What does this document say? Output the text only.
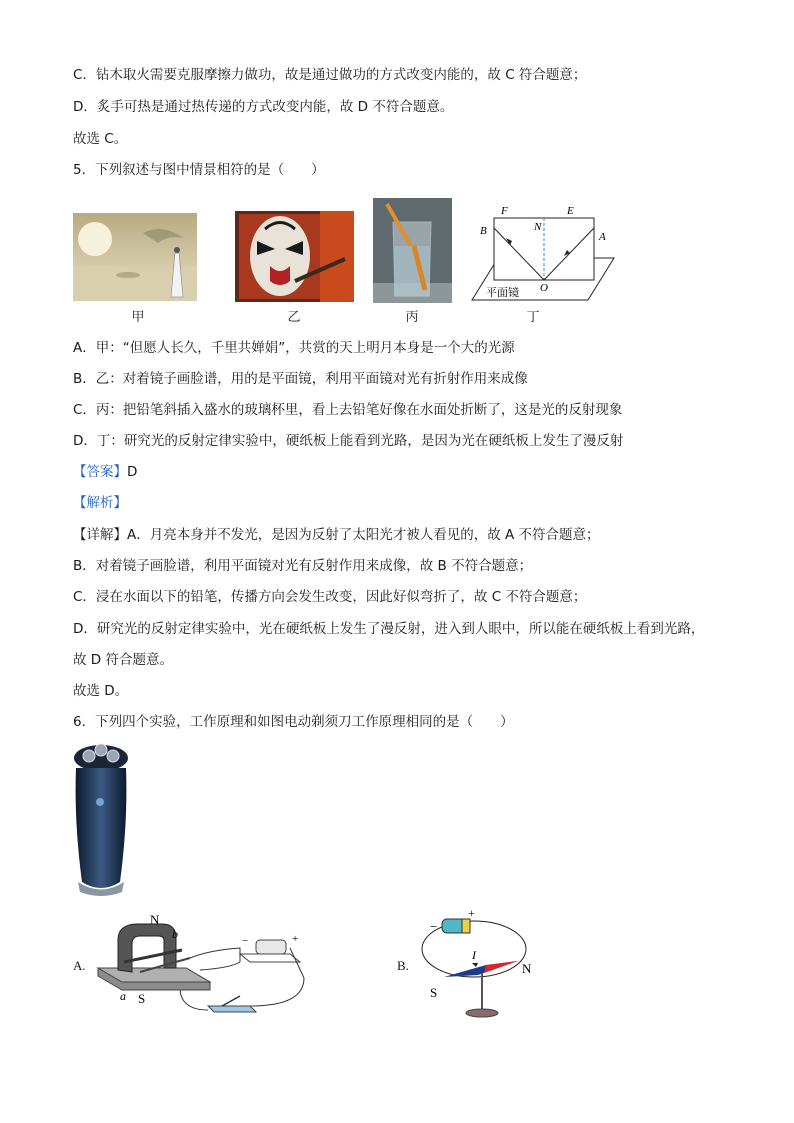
C．钻木取火需要克服摩擦力做功，故是通过做功的方式改变内能的，故 C 符合题意；
D．炙手可热是通过热传递的方式改变内能，故 D 不符合题意。
故选 C。
5．下列叙述与图中情景相符的是（　　）
甲	乙	丙
F
N
E
B	A
O
平面镜
丁
A．甲：“但愿人长久，千里共婵娟”，共赏的天上明月本身是一个大的光源
B．乙：对着镜子画脸谱，用的是平面镜，利用平面镜对光有折射作用来成像
C．丙：把铅笔斜插入盛水的玻璃杯里，看上去铅笔好像在水面处折断了，这是光的反射现象
D．丁：研究光的反射定律实验中，硬纸板上能看到光路，是因为光在硬纸板上发生了漫反射
【答案】D
【解析】
【详解】A．月亮本身并不发光，是因为反射了太阳光才被人看见的，故 A 不符合题意；
B．对着镜子画脸谱，利用平面镜对光有反射作用来成像，故 B 不符合题意；
C．浸在水面以下的铅笔，传播方向会发生改变，因此好似弯折了，故 C 不符合题意；
D．研究光的反射定律实验中，光在硬纸板上发生了漫反射，进入到人眼中，所以能在硬纸板上看到光路，
故 D 符合题意。
故选 D。
6．下列四个实验，工作原理和如图电动剃须刀工作原理相同的是（　　）
A.
N
b
a S
−	+
B.
−
+
I
N
S
